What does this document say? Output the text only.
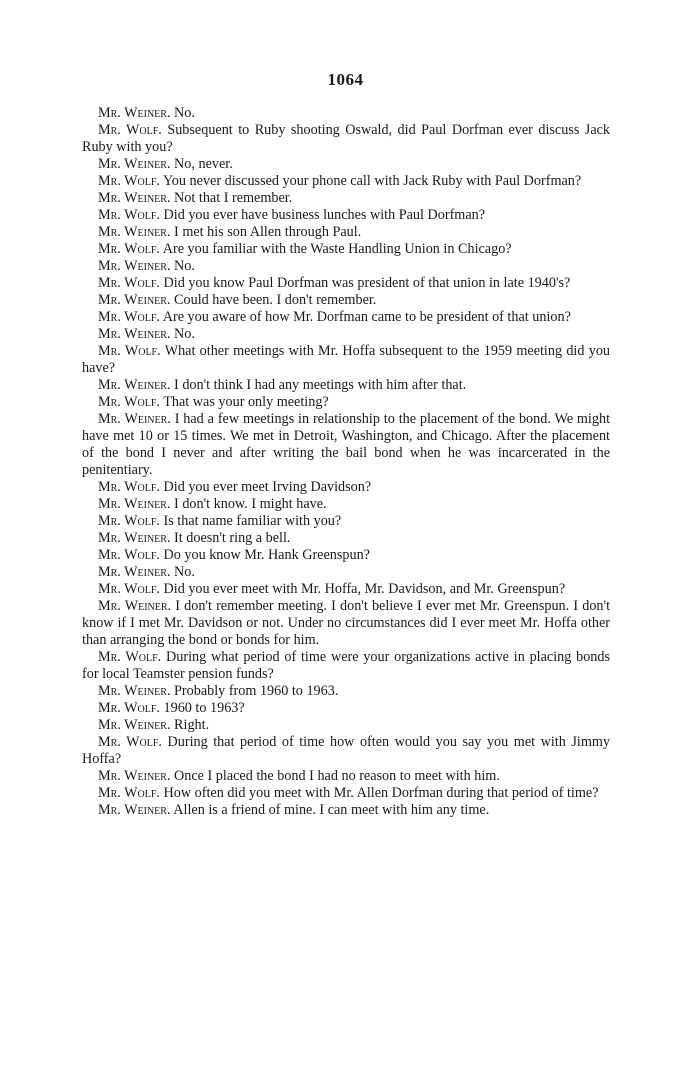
1064

Mr. Weiner. No.

Mr. Wolf. Subsequent to Ruby shooting Oswald, did Paul Dorfman ever discuss Jack Ruby with you?

Mr. Weiner. No, never.

Mr. Wolf. You never discussed your phone call with Jack Ruby with Paul Dorfman?

Mr. Weiner. Not that I remember.

Mr. Wolf. Did you ever have business lunches with Paul Dorfman?

Mr. Weiner. I met his son Allen through Paul.

Mr. Wolf. Are you familiar with the Waste Handling Union in Chicago?

Mr. Weiner. No.

Mr. Wolf. Did you know Paul Dorfman was president of that union in late 1940's?

Mr. Weiner. Could have been. I don't remember.

Mr. Wolf. Are you aware of how Mr. Dorfman came to be president of that union?

Mr. Weiner. No.

Mr. Wolf. What other meetings with Mr. Hoffa subsequent to the 1959 meeting did you have?

Mr. Weiner. I don't think I had any meetings with him after that.

Mr. Wolf. That was your only meeting?

Mr. Weiner. I had a few meetings in relationship to the placement of the bond. We might have met 10 or 15 times. We met in Detroit, Washington, and Chicago. After the placement of the bond I never and after writing the bail bond when he was incarcerated in the penitentiary.

Mr. Wolf. Did you ever meet Irving Davidson?

Mr. Weiner. I don't know. I might have.

Mr. Wolf. Is that name familiar with you?

Mr. Weiner. It doesn't ring a bell.

Mr. Wolf. Do you know Mr. Hank Greenspun?

Mr. Weiner. No.

Mr. Wolf. Did you ever meet with Mr. Hoffa, Mr. Davidson, and Mr. Greenspun?

Mr. Weiner. I don't remember meeting. I don't believe I ever met Mr. Greenspun. I don't know if I met Mr. Davidson or not. Under no circumstances did I ever meet Mr. Hoffa other than arranging the bond or bonds for him.

Mr. Wolf. During what period of time were your organizations active in placing bonds for local Teamster pension funds?

Mr. Weiner. Probably from 1960 to 1963.

Mr. Wolf. 1960 to 1963?

Mr. Weiner. Right.

Mr. Wolf. During that period of time how often would you say you met with Jimmy Hoffa?

Mr. Weiner. Once I placed the bond I had no reason to meet with him.

Mr. Wolf. How often did you meet with Mr. Allen Dorfman during that period of time?

Mr. Weiner. Allen is a friend of mine. I can meet with him any time.
